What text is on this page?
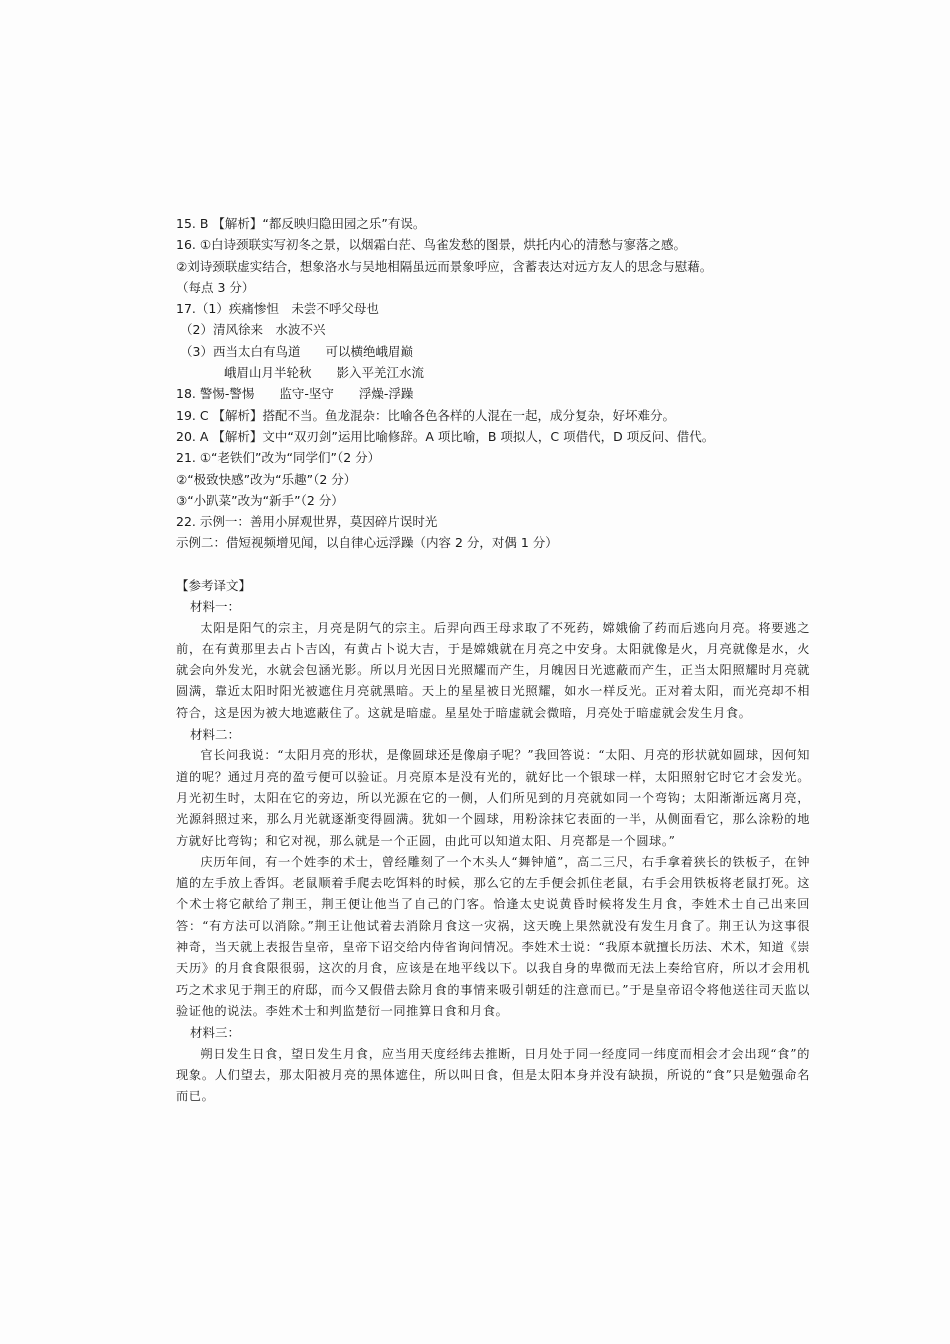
15. B 【解析】“都反映归隐田园之乐”有误。
16. ①白诗颈联实写初冬之景，以烟霜白茫、鸟雀发愁的图景，烘托内心的清愁与寥落之感。
②刘诗颈联虚实结合，想象洛水与吴地相隔虽远而景象呼应，含蓄表达对远方友人的思念与慰藉。
（每点 3 分）
17.（1）疾痛惨怛　未尝不呼父母也
（2）清风徐来　水波不兴
（3）西当太白有鸟道　　可以横绝峨眉巅
峨眉山月半轮秋　　影入平羌江水流
18. 警惕-警惕　　监守-坚守　　浮燥-浮躁
19. C 【解析】搭配不当。鱼龙混杂：比喻各色各样的人混在一起，成分复杂，好坏难分。
20. A 【解析】文中“双刃剑”运用比喻修辞。A 项比喻，B 项拟人，C 项借代，D 项反问、借代。
21. ①“老铁们”改为“同学们”（2 分）
②“极致快感”改为“乐趣”（2 分）
③“小趴菜”改为“新手”（2 分）
22. 示例一：善用小屏观世界，莫因碎片误时光
示例二：借短视频增见闻，以自律心远浮躁（内容 2 分，对偶 1 分）
【参考译文】
材料一：

太阳是阳气的宗主，月亮是阴气的宗主。后羿向西王母求取了不死药，嫦娥偷了药而后逃向月亮。将要逃之前，在有黄那里去占卜吉凶，有黄占卜说大吉，于是嫦娥就在月亮之中安身。太阳就像是火，月亮就像是水，火就会向外发光，水就会包涵光影。所以月光因日光照耀而产生，月魄因日光遮蔽而产生，正当太阳照耀时月亮就圆满，靠近太阳时阳光被遮住月亮就黑暗。天上的星星被日光照耀，如水一样反光。正对着太阳，而光亮却不相符合，这是因为被大地遮蔽住了。这就是暗虚。星星处于暗虚就会微暗，月亮处于暗虚就会发生月食。

材料二：

官长问我说：“太阳月亮的形状，是像圆球还是像扇子呢？”我回答说：“太阳、月亮的形状就如圆球，因何知道的呢？通过月亮的盈亏便可以验证。月亮原本是没有光的，就好比一个银球一样，太阳照射它时它才会发光。月光初生时，太阳在它的旁边，所以光源在它的一侧，人们所见到的月亮就如同一个弯钩；太阳渐渐远离月亮，光源斜照过来，那么月光就逐渐变得圆满。犹如一个圆球，用粉涂抹它表面的一半，从侧面看它，那么涂粉的地方就好比弯钩；和它对视，那么就是一个正圆，由此可以知道太阳、月亮都是一个圆球。”

庆历年间，有一个姓李的术士，曾经雕刻了一个木头人“舞钟馗”，高二三尺，右手拿着狭长的铁板子，在钟馗的左手放上香饵。老鼠顺着手爬去吃饵料的时候，那么它的左手便会抓住老鼠，右手会用铁板将老鼠打死。这个术士将它献给了荆王，荆王便让他当了自己的门客。恰逢太史说黄昏时候将发生月食，李姓术士自己出来回答：“有方法可以消除。”荆王让他试着去消除月食这一灾祸，这天晚上果然就没有发生月食了。荆王认为这事很神奇，当天就上表报告皇帝，皇帝下诏交给内侍省询问情况。李姓术士说：“我原本就擅长历法、术术，知道《崇天历》的月食食限很弱，这次的月食，应该是在地平线以下。以我自身的卑微而无法上奏给官府，所以才会用机巧之术求见于荆王的府邸，而今又假借去除月食的事情来吸引朝廷的注意而已。”于是皇帝诏令将他送往司天监以验证他的说法。李姓术士和判监楚衍一同推算日食和月食。

材料三：

朔日发生日食，望日发生月食，应当用天度经纬去推断，日月处于同一经度同一纬度而相会才会出现“食”的现象。人们望去，那太阳被月亮的黑体遮住，所以叫日食，但是太阳本身并没有缺损，所说的“食”只是勉强命名而已。
